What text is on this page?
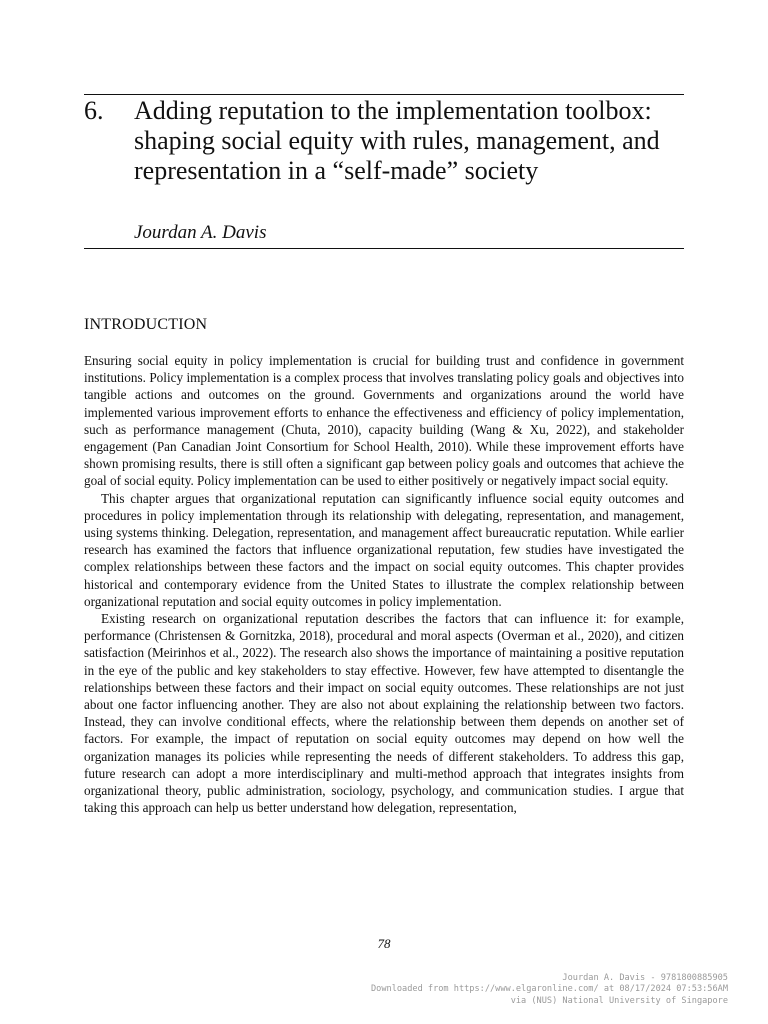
6. Adding reputation to the implementation toolbox: shaping social equity with rules, management, and representation in a “self-made” society
Jourdan A. Davis
INTRODUCTION

Ensuring social equity in policy implementation is crucial for building trust and confidence in government institutions. Policy implementation is a complex process that involves translating policy goals and objectives into tangible actions and outcomes on the ground. Governments and organizations around the world have implemented various improvement efforts to enhance the effectiveness and efficiency of policy implementation, such as performance management (Chuta, 2010), capacity building (Wang & Xu, 2022), and stakeholder engagement (Pan Canadian Joint Consortium for School Health, 2010). While these improvement efforts have shown promising results, there is still often a significant gap between policy goals and outcomes that achieve the goal of social equity. Policy implementation can be used to either positively or negatively impact social equity.

This chapter argues that organizational reputation can significantly influence social equity outcomes and procedures in policy implementation through its relationship with delegating, representation, and management, using systems thinking. Delegation, representation, and management affect bureaucratic reputation. While earlier research has examined the factors that influence organizational reputation, few studies have investigated the complex relationships between these factors and the impact on social equity outcomes. This chapter provides historical and contemporary evidence from the United States to illustrate the complex relationship between organizational reputation and social equity outcomes in policy implementation.

Existing research on organizational reputation describes the factors that can influence it: for example, performance (Christensen & Gornitzka, 2018), procedural and moral aspects (Overman et al., 2020), and citizen satisfaction (Meirinhos et al., 2022). The research also shows the importance of maintaining a positive reputation in the eye of the public and key stakeholders to stay effective. However, few have attempted to disentangle the relationships between these factors and their impact on social equity outcomes. These relationships are not just about one factor influencing another. They are also not about explaining the relationship between two factors. Instead, they can involve conditional effects, where the relationship between them depends on another set of factors. For example, the impact of reputation on social equity outcomes may depend on how well the organization manages its policies while representing the needs of different stakeholders. To address this gap, future research can adopt a more interdisciplinary and multi-method approach that integrates insights from organizational theory, public administration, sociology, psychology, and communication studies. I argue that taking this approach can help us better understand how delegation, representation,

78
Jourdan A. Davis - 9781800885905
Downloaded from https://www.elgaronline.com/ at 08/17/2024 07:53:56AM
via (NUS) National University of Singapore
